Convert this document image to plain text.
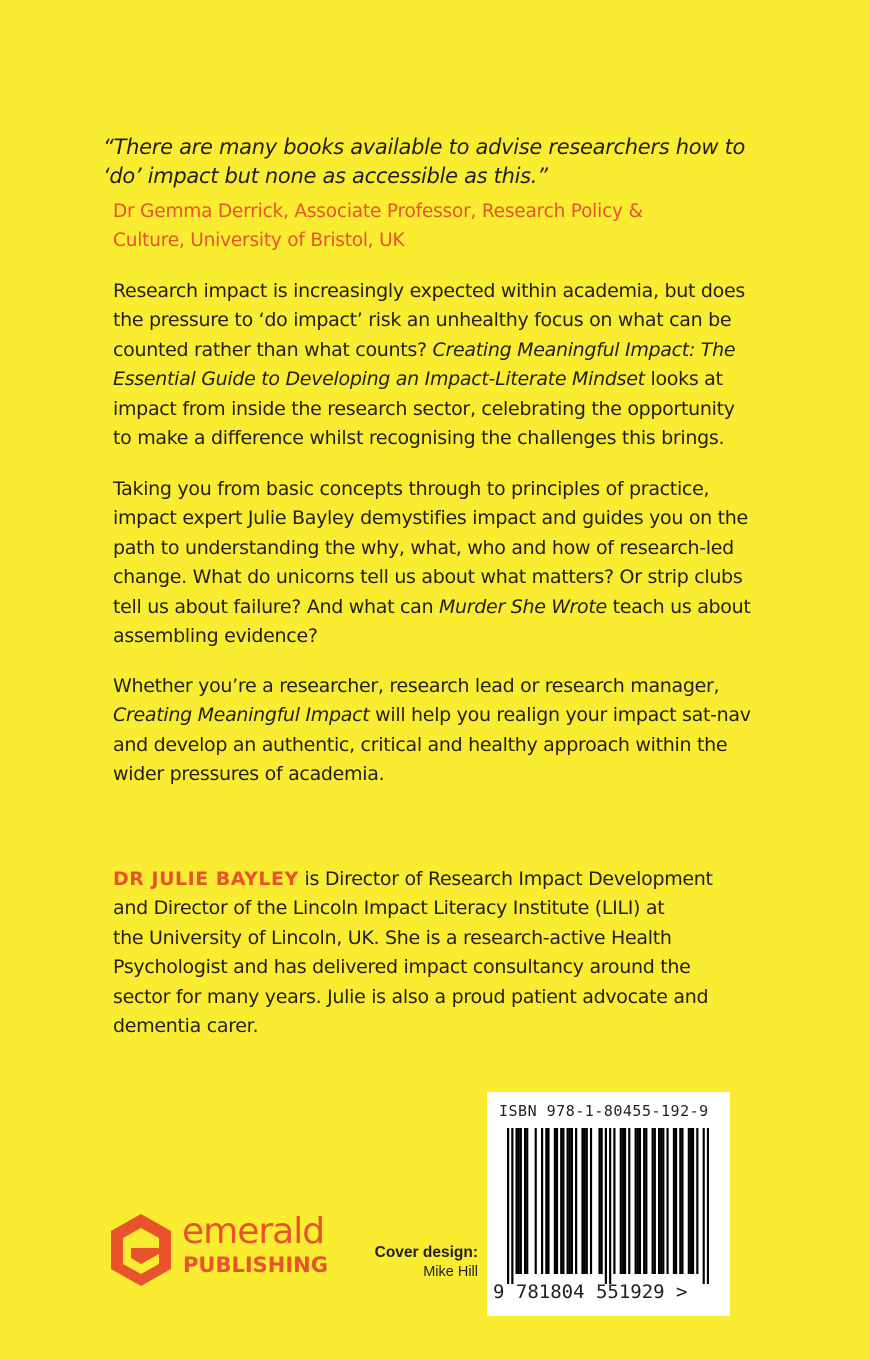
“There are many books available to advise researchers how to
‘do’ impact but none as accessible as this.”
Dr Gemma Derrick, Associate Professor, Research Policy &
Culture, University of Bristol, UK
Research impact is increasingly expected within academia, but does
the pressure to ‘do impact’ risk an unhealthy focus on what can be
counted rather than what counts? Creating Meaningful Impact: The
Essential Guide to Developing an Impact-Literate Mindset looks at
impact from inside the research sector, celebrating the opportunity
to make a difference whilst recognising the challenges this brings.
Taking you from basic concepts through to principles of practice,
impact expert Julie Bayley demystifies impact and guides you on the
path to understanding the why, what, who and how of research-led
change. What do unicorns tell us about what matters? Or strip clubs
tell us about failure? And what can Murder She Wrote teach us about
assembling evidence?
Whether you’re a researcher, research lead or research manager,
Creating Meaningful Impact will help you realign your impact sat-nav
and develop an authentic, critical and healthy approach within the
wider pressures of academia.
DR JULIE BAYLEY is Director of Research Impact Development
and Director of the Lincoln Impact Literacy Institute (LILI) at
the University of Lincoln, UK. She is a research-active Health
Psychologist and has delivered impact consultancy around the
sector for many years. Julie is also a proud patient advocate and
dementia carer.
emerald
PUBLISHING
Cover design:
Mike Hill
ISBN 978-1-80455-192-9
9 781804 551929 >
